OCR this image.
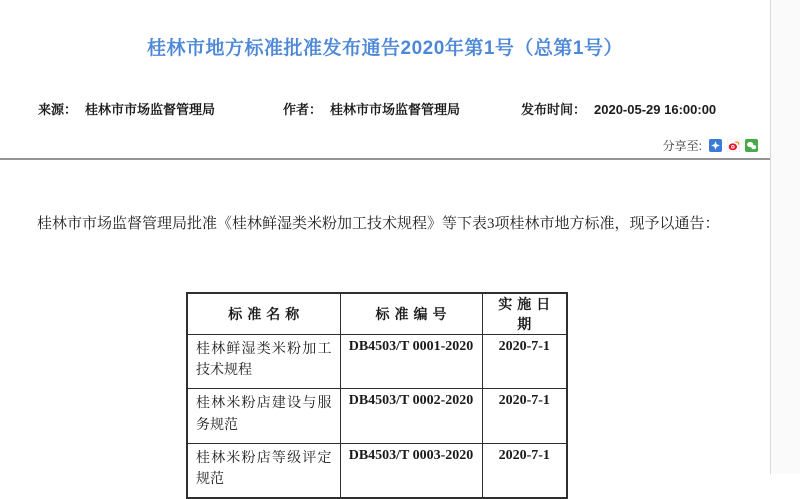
桂林市地方标准批准发布通告2020年第1号（总第1号）
来源： 桂林市市场监督管理局	作者： 桂林市市场监督管理局	发布时间： 2020-05-29 16:00:00
分享至:

桂林市市场监督管理局批准《桂林鲜湿类米粉加工技术规程》等下表3项桂林市地方标准，现予以通告：

标准名称	标准编号	实施日期
桂林鲜湿类米粉加工技术规程	DB4503/T 0001-2020	2020-7-1
桂林米粉店建设与服务规范	DB4503/T 0002-2020	2020-7-1
桂林米粉店等级评定规范	DB4503/T 0003-2020	2020-7-1
